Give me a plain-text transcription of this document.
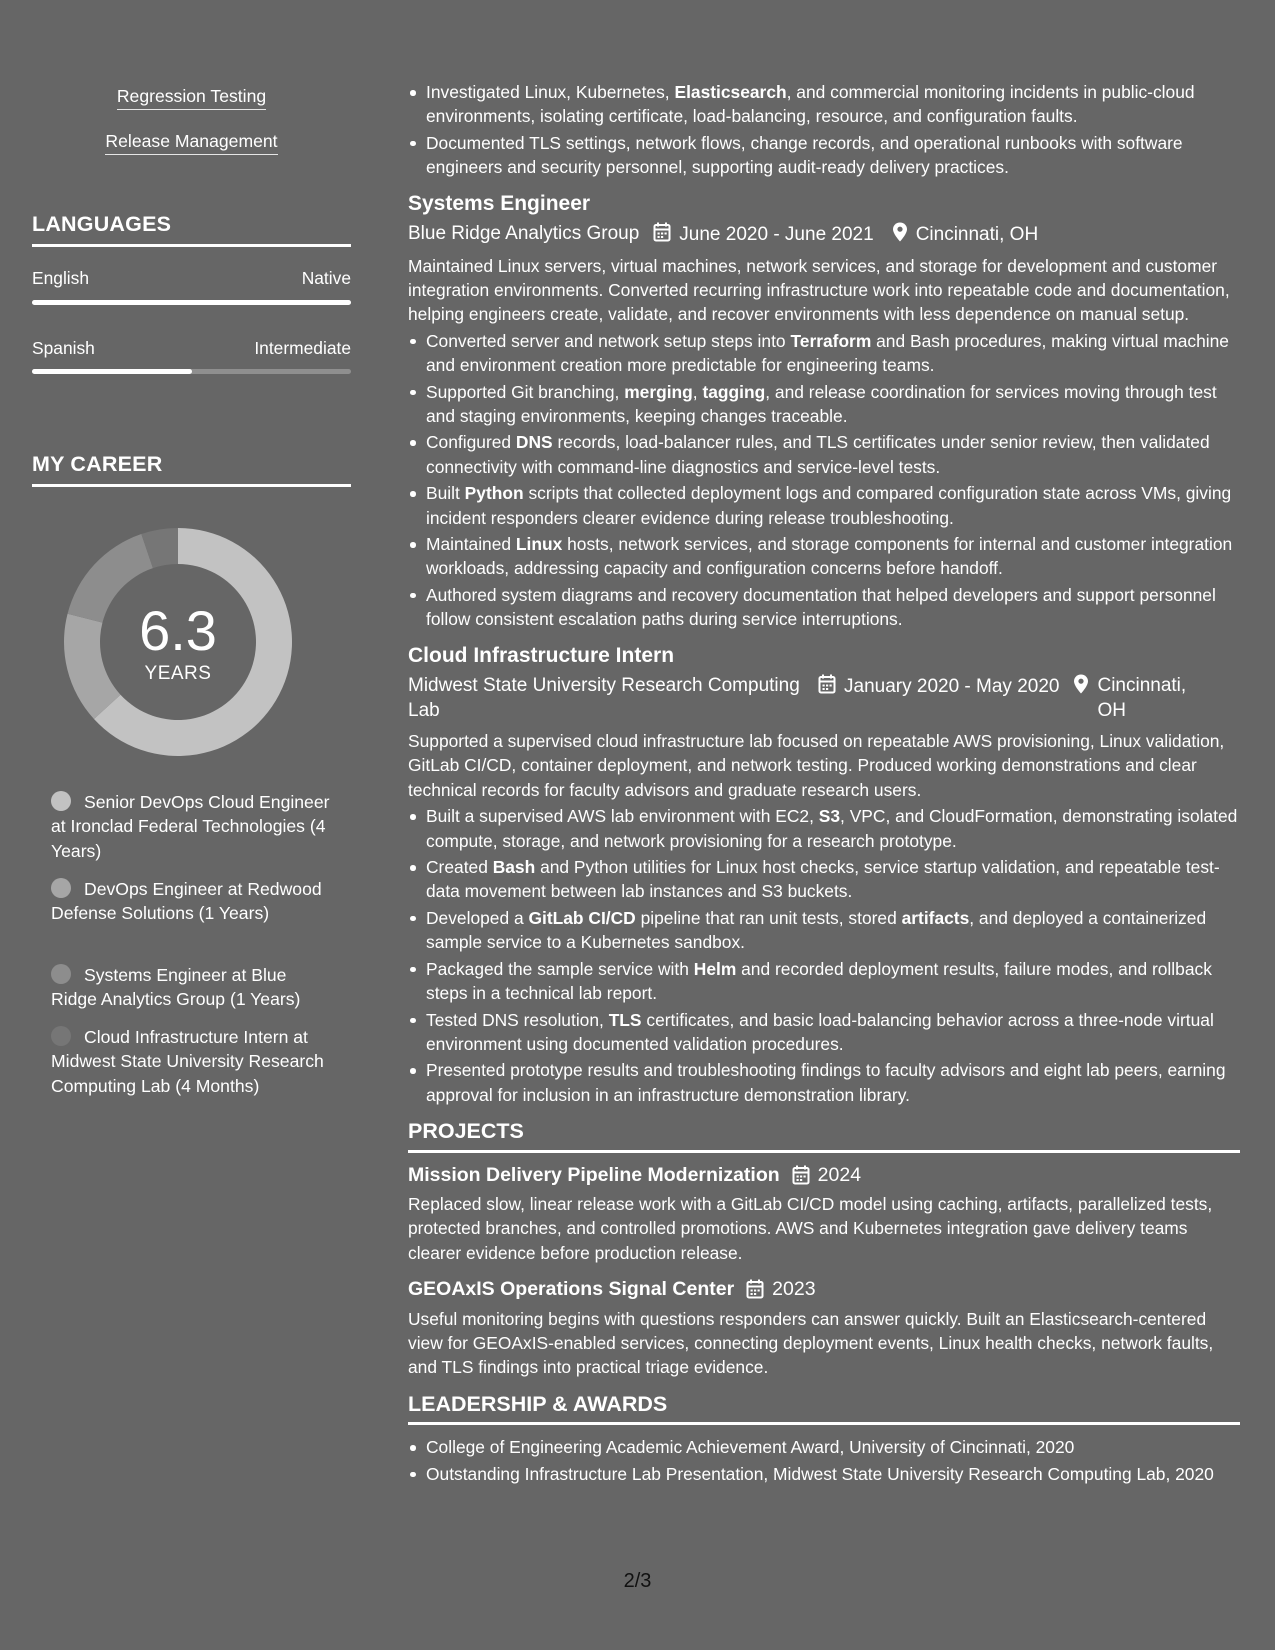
Regression Testing
Release Management
LANGUAGES
English	Native
Spanish	Intermediate
MY CAREER
6.3
YEARS
Senior DevOps Cloud Engineer at Ironclad Federal Technologies (4 Years)
DevOps Engineer at Redwood Defense Solutions (1 Years)
Systems Engineer at Blue Ridge Analytics Group (1 Years)
Cloud Infrastructure Intern at Midwest State University Research Computing Lab (4 Months)
Investigated Linux, Kubernetes, Elasticsearch, and commercial monitoring incidents in public-cloud environments, isolating certificate, load-balancing, resource, and configuration faults.
Documented TLS settings, network flows, change records, and operational runbooks with software engineers and security personnel, supporting audit-ready delivery practices.
Systems Engineer
Blue Ridge Analytics Group	June 2020 - June 2021	Cincinnati, OH

Maintained Linux servers, virtual machines, network services, and storage for development and customer integration environments. Converted recurring infrastructure work into repeatable code and documentation, helping engineers create, validate, and recover environments with less dependence on manual setup.

Converted server and network setup steps into Terraform and Bash procedures, making virtual machine and environment creation more predictable for engineering teams.
Supported Git branching, merging, tagging, and release coordination for services moving through test and staging environments, keeping changes traceable.
Configured DNS records, load-balancer rules, and TLS certificates under senior review, then validated connectivity with command-line diagnostics and service-level tests.
Built Python scripts that collected deployment logs and compared configuration state across VMs, giving incident responders clearer evidence during release troubleshooting.
Maintained Linux hosts, network services, and storage components for internal and customer integration workloads, addressing capacity and configuration concerns before handoff.
Authored system diagrams and recovery documentation that helped developers and support personnel follow consistent escalation paths during service interruptions.
Cloud Infrastructure Intern
Midwest State University Research Computing Lab
January 2020 - May 2020 Cincinnati, OH

Supported a supervised cloud infrastructure lab focused on repeatable AWS provisioning, Linux validation, GitLab CI/CD, container deployment, and network testing. Produced working demonstrations and clear technical records for faculty advisors and graduate research users.

Built a supervised AWS lab environment with EC2, S3, VPC, and CloudFormation, demonstrating isolated compute, storage, and network provisioning for a research prototype.
Created Bash and Python utilities for Linux host checks, service startup validation, and repeatable test-data movement between lab instances and S3 buckets.
Developed a GitLab CI/CD pipeline that ran unit tests, stored artifacts, and deployed a containerized sample service to a Kubernetes sandbox.
Packaged the sample service with Helm and recorded deployment results, failure modes, and rollback steps in a technical lab report.
Tested DNS resolution, TLS certificates, and basic load-balancing behavior across a three-node virtual environment using documented validation procedures.
Presented prototype results and troubleshooting findings to faculty advisors and eight lab peers, earning approval for inclusion in an infrastructure demonstration library.
PROJECTS
Mission Delivery Pipeline Modernization 2024

Replaced slow, linear release work with a GitLab CI/CD model using caching, artifacts, parallelized tests, protected branches, and controlled promotions. AWS and Kubernetes integration gave delivery teams clearer evidence before production release.

GEOAxIS Operations Signal Center 2023

Useful monitoring begins with questions responders can answer quickly. Built an Elasticsearch-centered view for GEOAxIS-enabled services, connecting deployment events, Linux health checks, network faults, and TLS findings into practical triage evidence.

LEADERSHIP & AWARDS
College of Engineering Academic Achievement Award, University of Cincinnati, 2020
Outstanding Infrastructure Lab Presentation, Midwest State University Research Computing Lab, 2020
2/3
